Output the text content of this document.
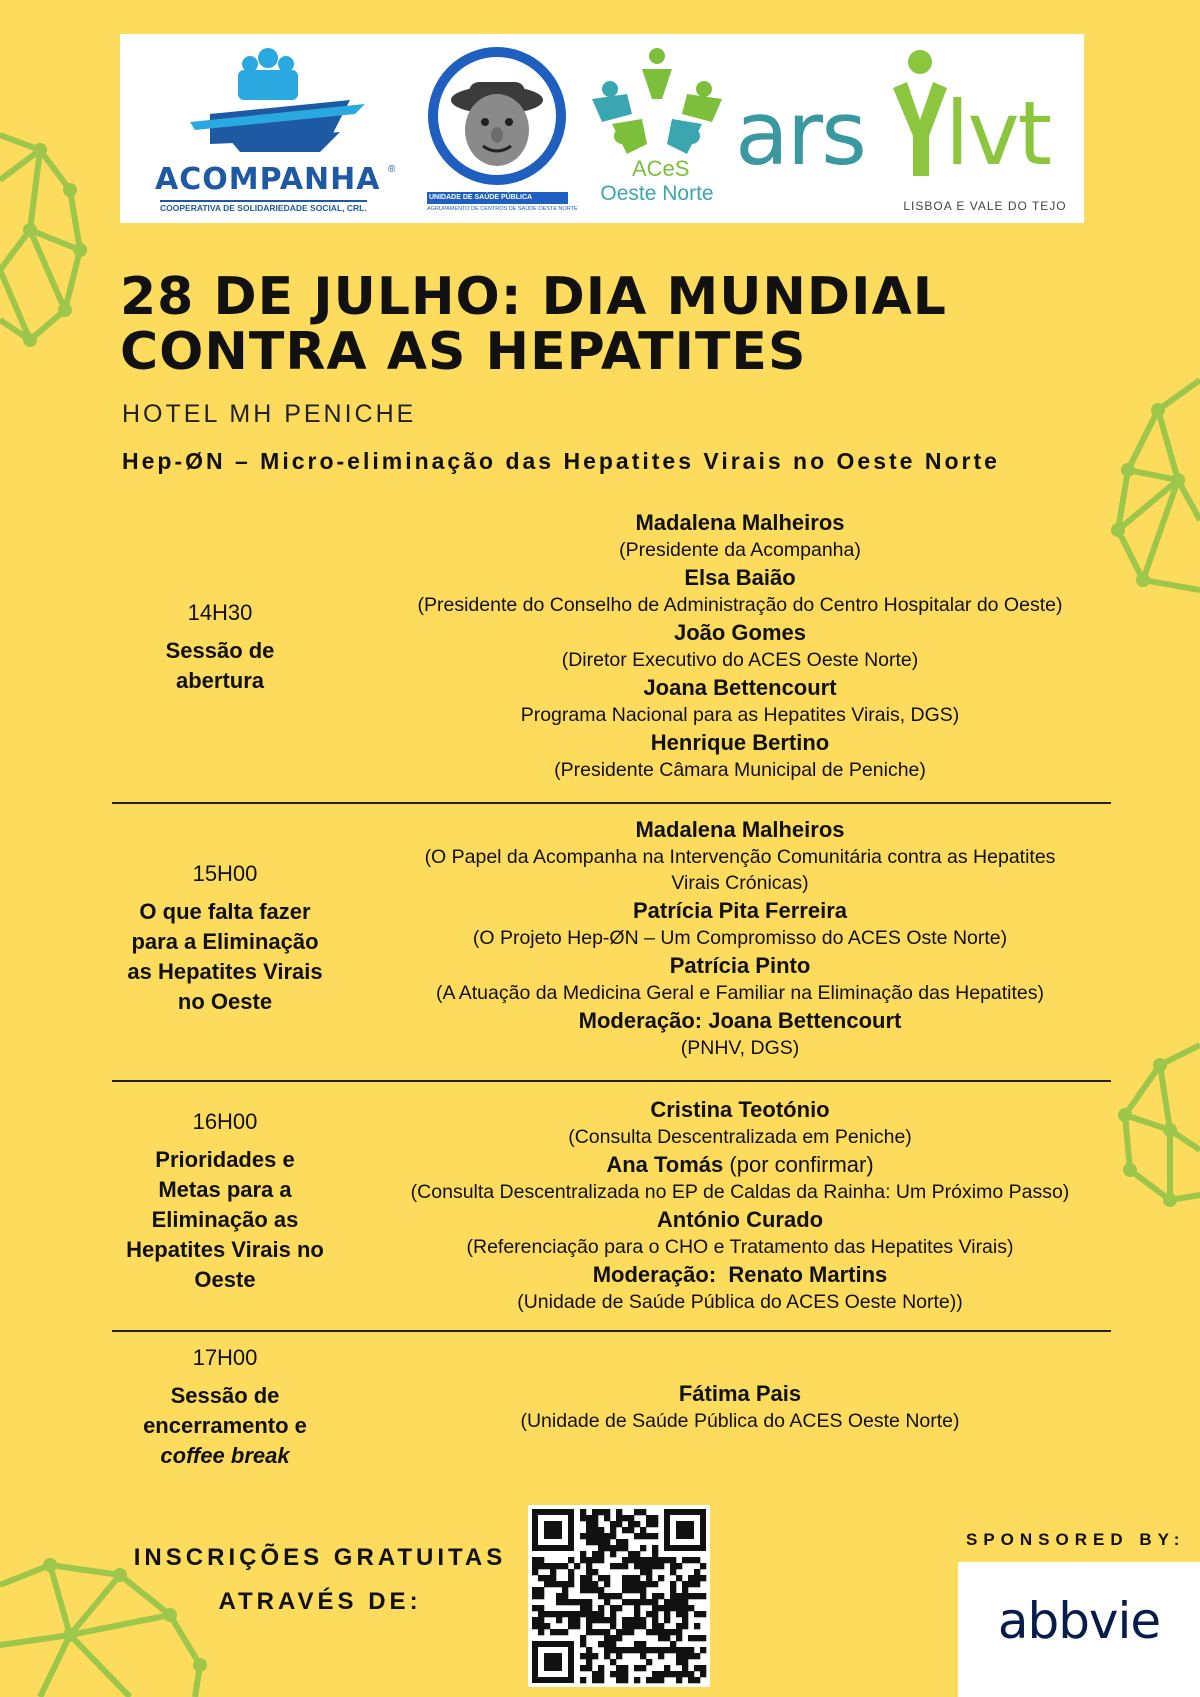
ACOMPANHA ®
COOPERATIVA DE SOLIDARIEDADE SOCIAL, CRL.
UNIDADE DE SAÚDE PÚBLICA
AGRUPAMENTO DE CENTROS DE SAÚDE OESTE NORTE
ACeS
Oeste Norte
ars lvt
LISBOA E VALE DO TEJO
28 DE JULHO: DIA MUNDIAL
CONTRA AS HEPATITES
HOTEL MH PENICHE
Hep-ØN – Micro-eliminação das Hepatites Virais no Oeste Norte
14H30
Sessão de
abertura
Madalena Malheiros
(Presidente da Acompanha)
Elsa Baião
(Presidente do Conselho de Administração do Centro Hospitalar do Oeste)
João Gomes
(Diretor Executivo do ACES Oeste Norte)
Joana Bettencourt
Programa Nacional para as Hepatites Virais, DGS)
Henrique Bertino
(Presidente Câmara Municipal de Peniche)
15H00
O que falta fazer
para a Eliminação
as Hepatites Virais
no Oeste
Madalena Malheiros
(O Papel da Acompanha na Intervenção Comunitária contra as Hepatites
Virais Crónicas)
Patrícia Pita Ferreira
(O Projeto Hep-ØN – Um Compromisso do ACES Oste Norte)
Patrícia Pinto
(A Atuação da Medicina Geral e Familiar na Eliminação das Hepatites)
Moderação: Joana Bettencourt
(PNHV, DGS)
16H00
Prioridades e
Metas para a
Eliminação as
Hepatites Virais no
Oeste
Cristina Teotónio
(Consulta Descentralizada em Peniche)
Ana Tomás (por confirmar)
(Consulta Descentralizada no EP de Caldas da Rainha: Um Próximo Passo)
António Curado
(Referenciação para o CHO e Tratamento das Hepatites Virais)
Moderação:  Renato Martins
(Unidade de Saúde Pública do ACES Oeste Norte))
17H00
Sessão de
encerramento e
coffee break
Fátima Pais
(Unidade de Saúde Pública do ACES Oeste Norte)
INSCRIÇÕES GRATUITAS
ATRAVÉS DE:
SPONSORED BY:
abbvie
